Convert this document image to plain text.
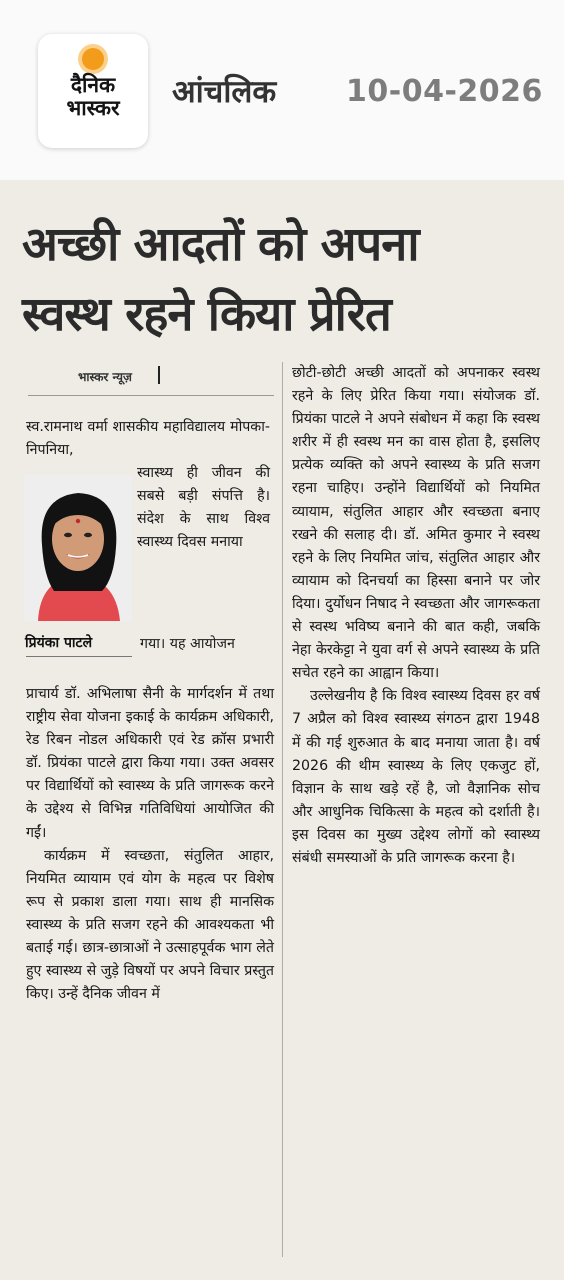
दैनिक
भास्कर आंचलिक 10-04-2026
अच्छी आदतों को अपना
स्वस्थ रहने किया प्रेरित
भास्कर न्यूज़
स्व.रामनाथ वर्मा शासकीय महाविद्यालय मोपका-निपनिया,
स्वास्थ्य ही जीवन की सबसे बड़ी संपत्ति है। संदेश के साथ विश्व स्वास्थ्य दिवस मनाया
प्रियंका पाटले	गया। यह आयोजन
प्राचार्य डॉ. अभिलाषा सैनी के मार्गदर्शन में तथा राष्ट्रीय सेवा योजना इकाई के कार्यक्रम अधिकारी, रेड रिबन नोडल अधिकारी एवं रेड क्रॉस प्रभारी डॉ. प्रियंका पाटले द्वारा किया गया। उक्त अवसर पर विद्यार्थियों को स्वास्थ्य के प्रति जागरूक करने के उद्देश्य से विभिन्न गतिविधियां आयोजित की गईं।
कार्यक्रम में स्वच्छता, संतुलित आहार, नियमित व्यायाम एवं योग के महत्व पर विशेष रूप से प्रकाश डाला गया। साथ ही मानसिक स्वास्थ्य के प्रति सजग रहने की आवश्यकता भी बताई गई। छात्र-छात्राओं ने उत्साहपूर्वक भाग लेते हुए स्वास्थ्य से जुड़े विषयों पर अपने विचार प्रस्तुत किए। उन्हें दैनिक जीवन में
छोटी-छोटी अच्छी आदतों को अपनाकर स्वस्थ रहने के लिए प्रेरित किया गया। संयोजक डॉ. प्रियंका पाटले ने अपने संबोधन में कहा कि स्वस्थ शरीर में ही स्वस्थ मन का वास होता है, इसलिए प्रत्येक व्यक्ति को अपने स्वास्थ्य के प्रति सजग रहना चाहिए। उन्होंने विद्यार्थियों को नियमित व्यायाम, संतुलित आहार और स्वच्छता बनाए रखने की सलाह दी। डॉ. अमित कुमार ने स्वस्थ रहने के लिए नियमित जांच, संतुलित आहार और व्यायाम को दिनचर्या का हिस्सा बनाने पर जोर दिया। दुर्योधन निषाद ने स्वच्छता और जागरूकता से स्वस्थ भविष्य बनाने की बात कही, जबकि नेहा केरकेट्टा ने युवा वर्ग से अपने स्वास्थ्य के प्रति सचेत रहने का आह्वान किया।
उल्लेखनीय है कि विश्व स्वास्थ्य दिवस हर वर्ष 7 अप्रैल को विश्व स्वास्थ्य संगठन द्वारा 1948 में की गई शुरुआत के बाद मनाया जाता है। वर्ष 2026 की थीम स्वास्थ्य के लिए एकजुट हों, विज्ञान के साथ खड़े रहें है, जो वैज्ञानिक सोच और आधुनिक चिकित्सा के महत्व को दर्शाती है। इस दिवस का मुख्य उद्देश्य लोगों को स्वास्थ्य संबंधी समस्याओं के प्रति जागरूक करना है।
